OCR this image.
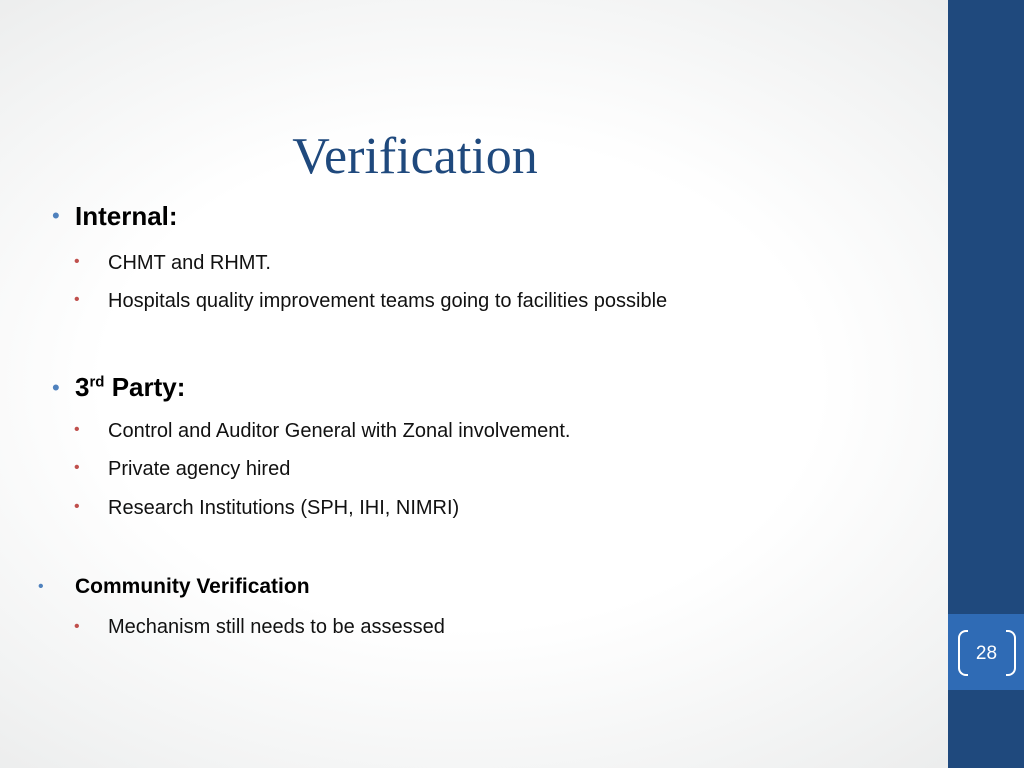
28
Verification
• Internal:
• CHMT and RHMT.
• Hospitals quality improvement teams going to facilities possible
• 3rd Party:
• Control and Auditor General with Zonal involvement.
• Private agency hired
• Research Institutions (SPH, IHI, NIMRI)
• Community Verification
• Mechanism still needs to be assessed
